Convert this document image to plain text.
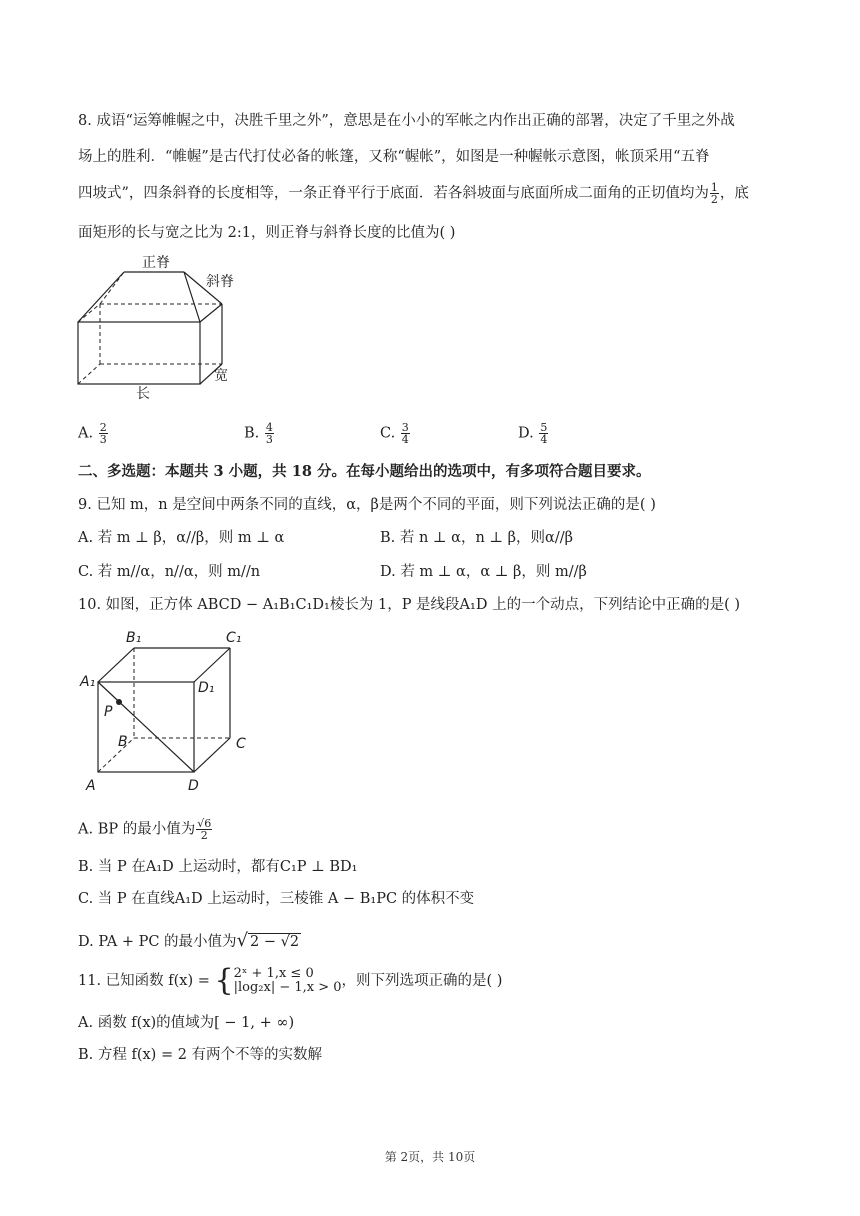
8. 成语“运筹帷幄之中，决胜千里之外”，意思是在小小的军帐之内作出正确的部署，决定了千里之外战
场上的胜利．“帷幄”是古代打仗必备的帐篷，又称“幄帐”，如图是一种幄帐示意图，帐顶采用“五脊
四坡式”，四条斜脊的长度相等，一条正脊平行于底面．若各斜坡面与底面所成二面角的正切值均为 $\frac{1}{2}$ ，底
面矩形的长与宽之比为 2:1，则正脊与斜脊长度的比值为( )
正脊
斜脊
长
宽
A. $\frac{2}{3}$	B. $\frac{4}{3}$	C. $\frac{3}{4}$	D. $\frac{5}{4}$
二、多选题：本题共 3 小题，共 18 分。在每小题给出的选项中，有多项符合题目要求。
9. 已知 m，n 是空间中两条不同的直线，α，β是两个不同的平面，则下列说法正确的是( )
A. 若 m ⊥ β，α//β，则 m ⊥ α	B. 若 n ⊥ α，n ⊥ β，则α//β
C. 若 m//α，n//α，则 m//n	D. 若 m ⊥ α，α ⊥ β，则 m//β
10. 如图，正方体 ABCD − A₁B₁C₁D₁棱长为 1，P 是线段A₁D 上的一个动点，下列结论中正确的是( )
A₁
B₁	C₁
D₁
P
B	C
A	D
A. BP 的最小值为 $\frac{√6}{2}$
B. 当 P 在A₁D 上运动时，都有C₁P ⊥ BD₁
C. 当 P 在直线A₁D 上运动时，三棱锥 A − B₁PC 的体积不变
D. PA + PC 的最小值为√ 2 − √2
11. 已知函数 f(x) = { 2ˣ + 1,x ≤ 0
|log₂x| − 1,x > 0 ，则下列选项正确的是( )
A. 函数 f(x)的值域为[ − 1, + ∞)
B. 方程 f(x) = 2 有两个不等的实数解
第 2页，共 10页
